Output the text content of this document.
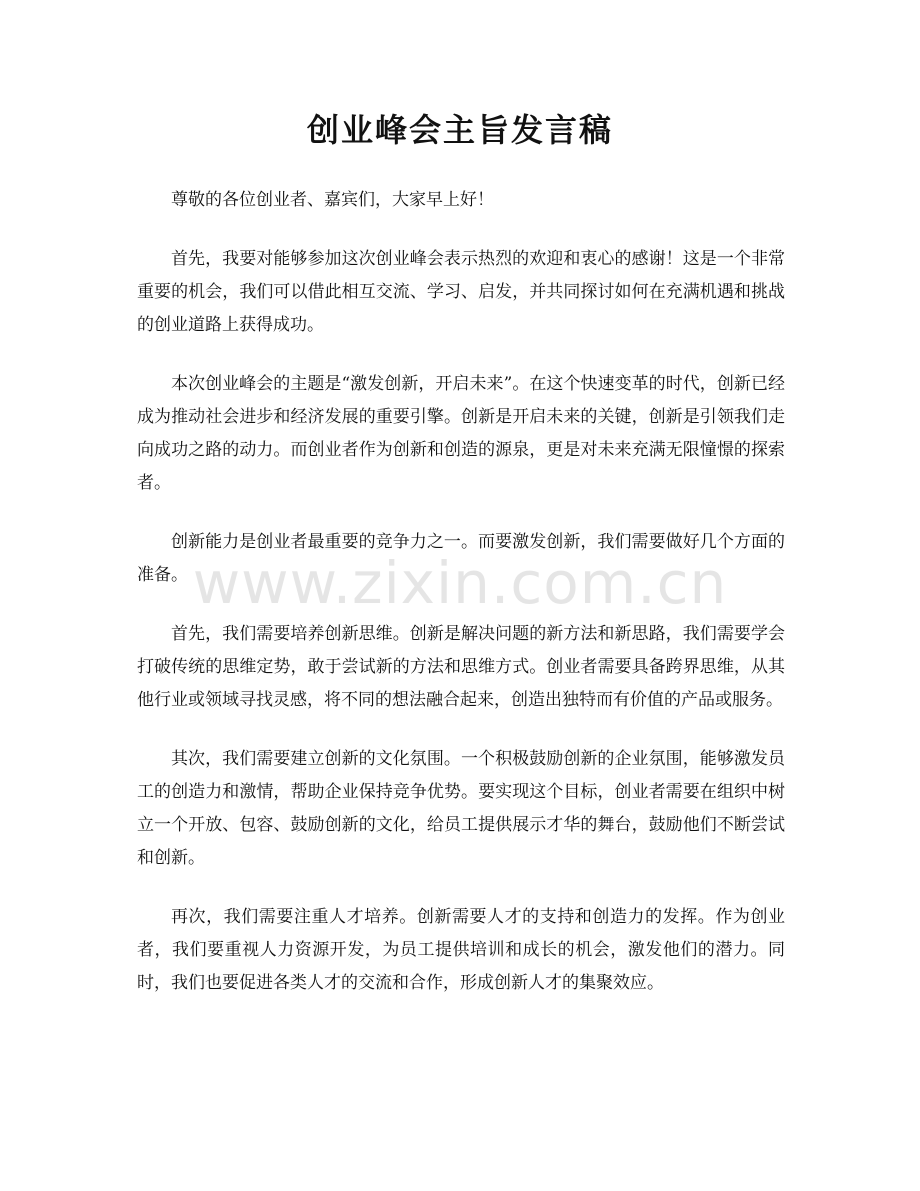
创业峰会主旨发言稿

尊敬的各位创业者、嘉宾们，大家早上好！

首先，我要对能够参加这次创业峰会表示热烈的欢迎和衷心的感谢！这是一个非常重要的机会，我们可以借此相互交流、学习、启发，并共同探讨如何在充满机遇和挑战的创业道路上获得成功。

本次创业峰会的主题是“激发创新，开启未来”。在这个快速变革的时代，创新已经成为推动社会进步和经济发展的重要引擎。创新是开启未来的关键，创新是引领我们走向成功之路的动力。而创业者作为创新和创造的源泉，更是对未来充满无限憧憬的探索者。

创新能力是创业者最重要的竞争力之一。而要激发创新，我们需要做好几个方面的准备。

首先，我们需要培养创新思维。创新是解决问题的新方法和新思路，我们需要学会打破传统的思维定势，敢于尝试新的方法和思维方式。创业者需要具备跨界思维，从其他行业或领域寻找灵感，将不同的想法融合起来，创造出独特而有价值的产品或服务。

其次，我们需要建立创新的文化氛围。一个积极鼓励创新的企业氛围，能够激发员工的创造力和激情，帮助企业保持竞争优势。要实现这个目标，创业者需要在组织中树立一个开放、包容、鼓励创新的文化，给员工提供展示才华的舞台，鼓励他们不断尝试和创新。

再次，我们需要注重人才培养。创新需要人才的支持和创造力的发挥。作为创业者，我们要重视人力资源开发，为员工提供培训和成长的机会，激发他们的潜力。同时，我们也要促进各类人才的交流和合作，形成创新人才的集聚效应。

www.zixin.com.cn
